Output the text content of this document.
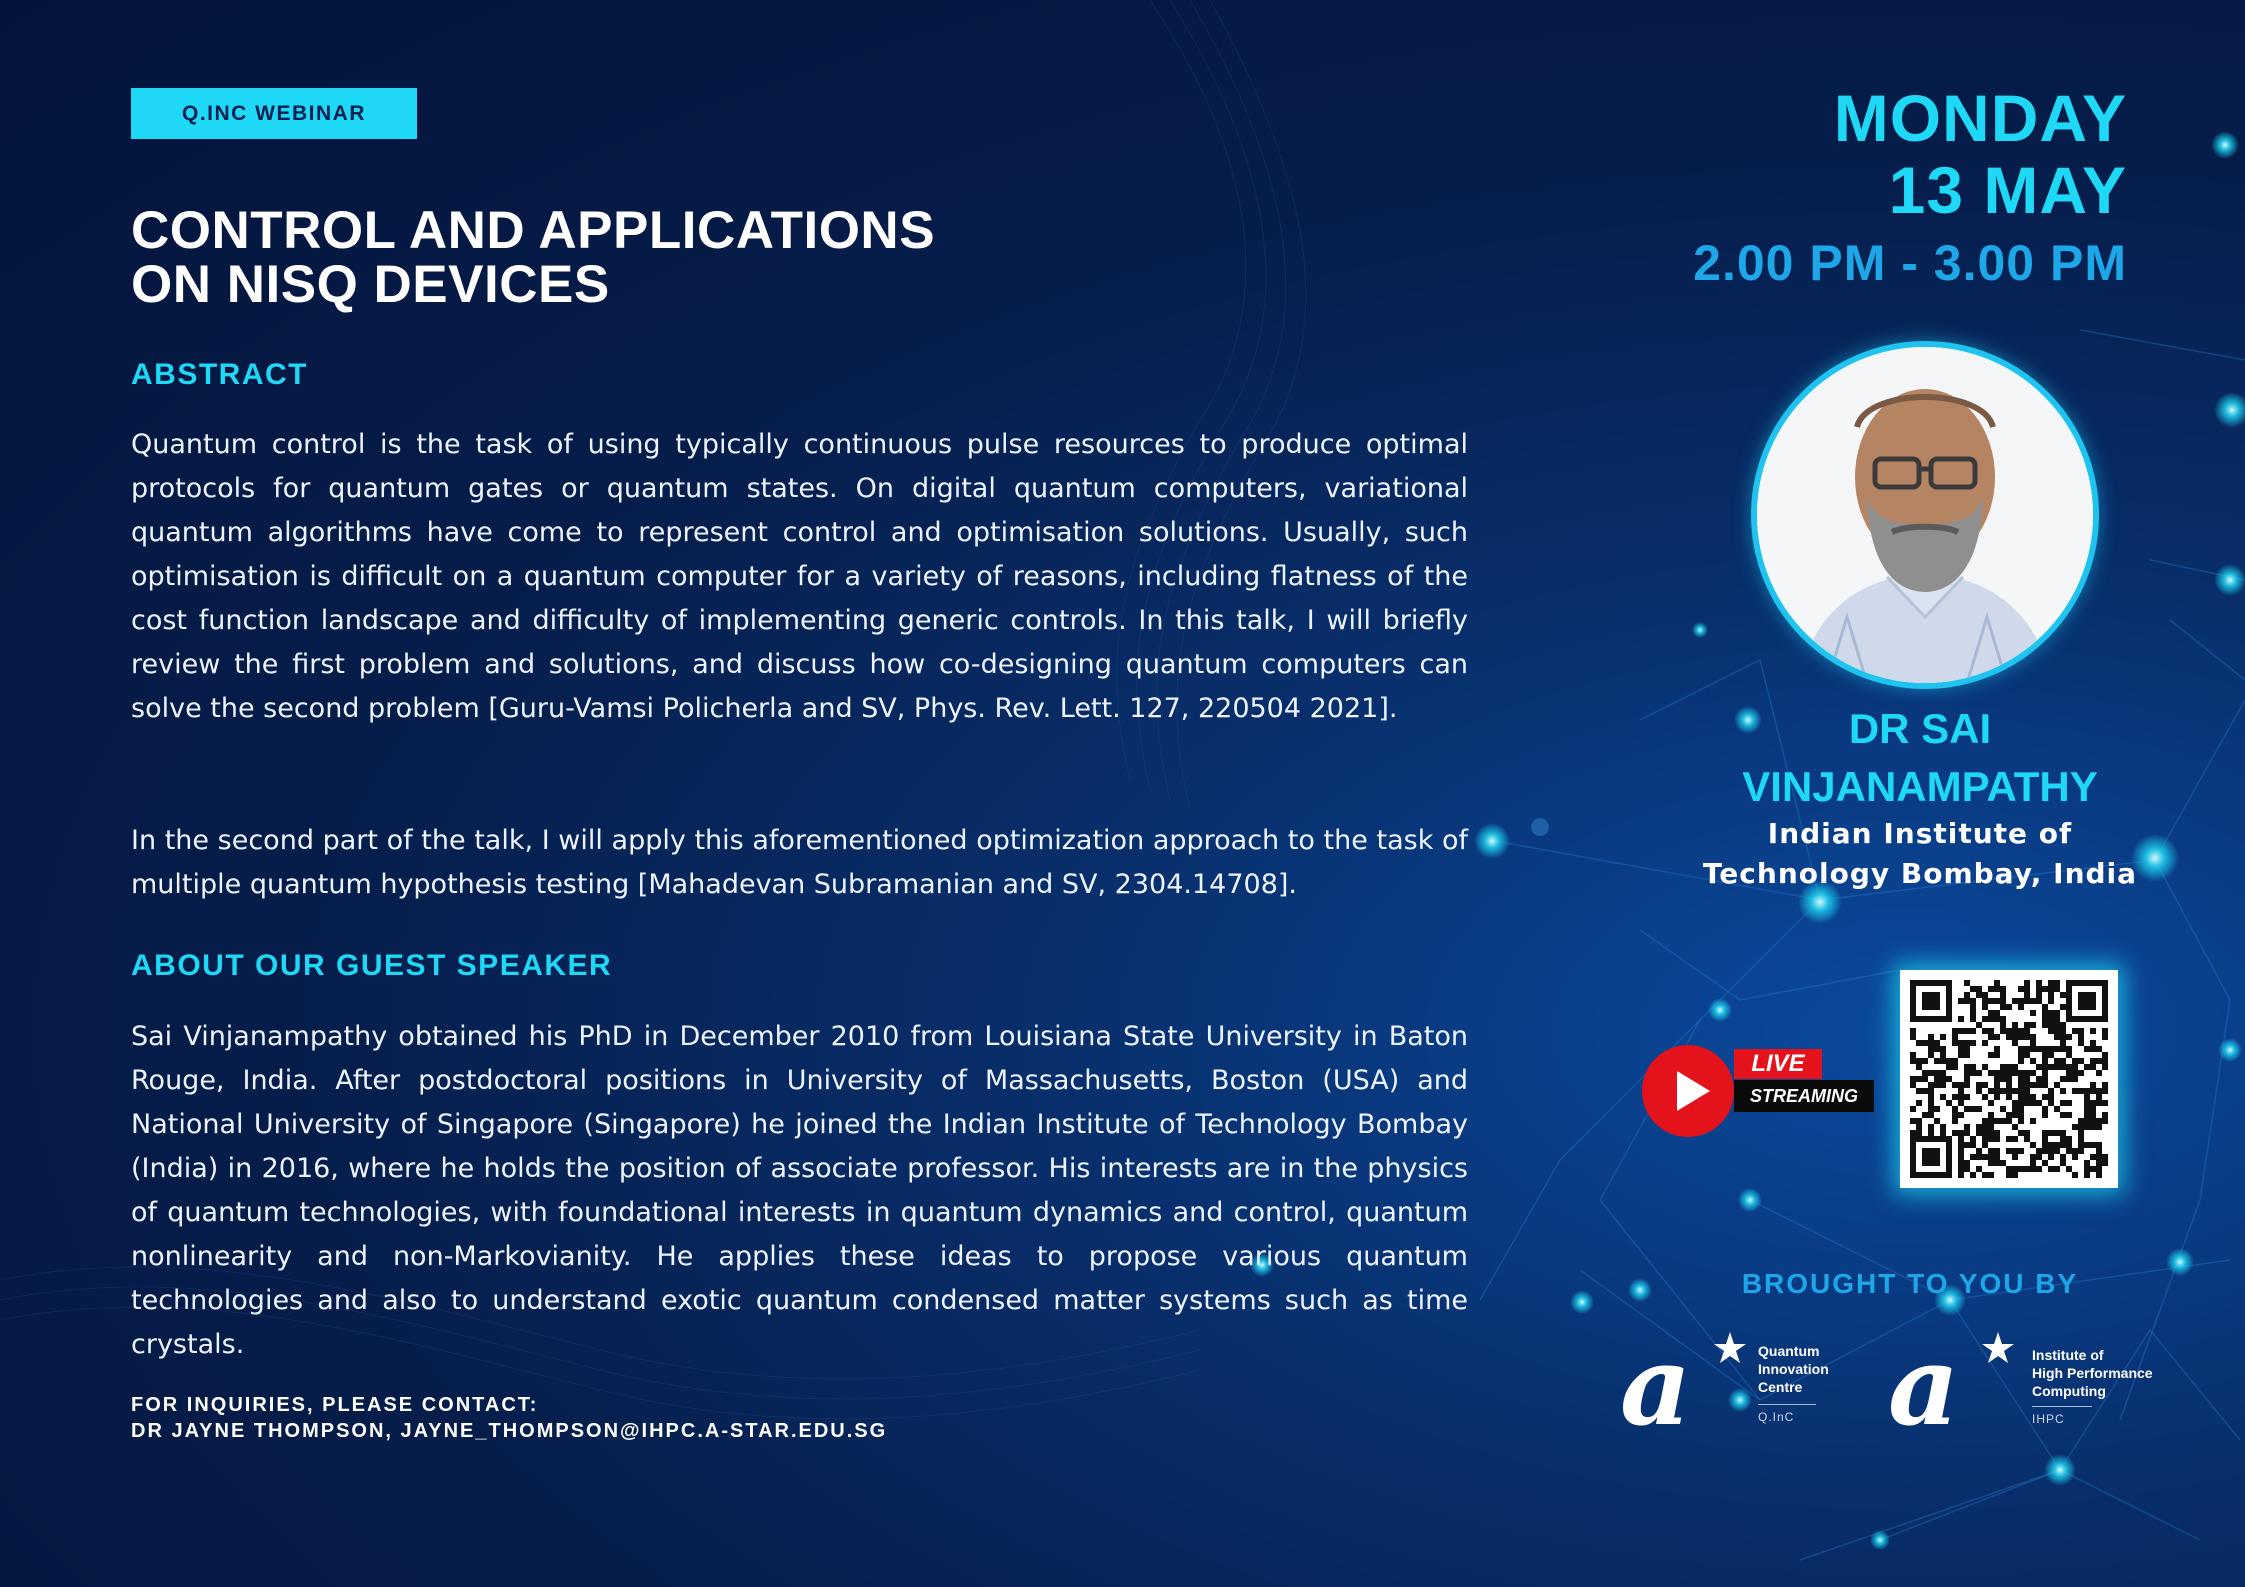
Q.INC WEBINAR
CONTROL AND APPLICATIONS
ON NISQ DEVICES
ABSTRACT

Quantum control is the task of using typically continuous pulse resources to produce optimal protocols for quantum gates or quantum states. On digital quantum computers, variational quantum algorithms have come to represent control and optimisation solutions. Usually, such optimisation is difficult on a quantum computer for a variety of reasons, including flatness of the cost function landscape and difficulty of implementing generic controls. In this talk, I will briefly review the first problem and solutions, and discuss how co-designing quantum computers can solve the second problem [Guru-Vamsi Policherla and SV, Phys. Rev. Lett. 127, 220504 2021].

In the second part of the talk, I will apply this aforementioned optimization approach to the task of multiple quantum hypothesis testing [Mahadevan Subramanian and SV, 2304.14708].

ABOUT OUR GUEST SPEAKER

Sai Vinjanampathy obtained his PhD in December 2010 from Louisiana State University in Baton Rouge, India. After postdoctoral positions in University of Massachusetts, Boston (USA) and National University of Singapore (Singapore) he joined the Indian Institute of Technology Bombay (India) in 2016, where he holds the position of associate professor. His interests are in the physics of quantum technologies, with foundational interests in quantum dynamics and control, quantum nonlinearity and non-Markovianity. He applies these ideas to propose various quantum technologies and also to understand exotic quantum condensed matter systems such as time crystals.

FOR INQUIRIES, PLEASE CONTACT:
DR JAYNE THOMPSON, JAYNE_THOMPSON@IHPC.A-STAR.EDU.SG
MONDAY
13 MAY
2.00 PM - 3.00 PM
DR SAI
VINJANAMPATHY
Indian Institute of
Technology Bombay, India
LIVE
STREAMING
BROUGHT TO YOU BY
a	Quantum
Innovation
Centre
Q.InC a	Institute of
High Performance
Computing
IHPC
